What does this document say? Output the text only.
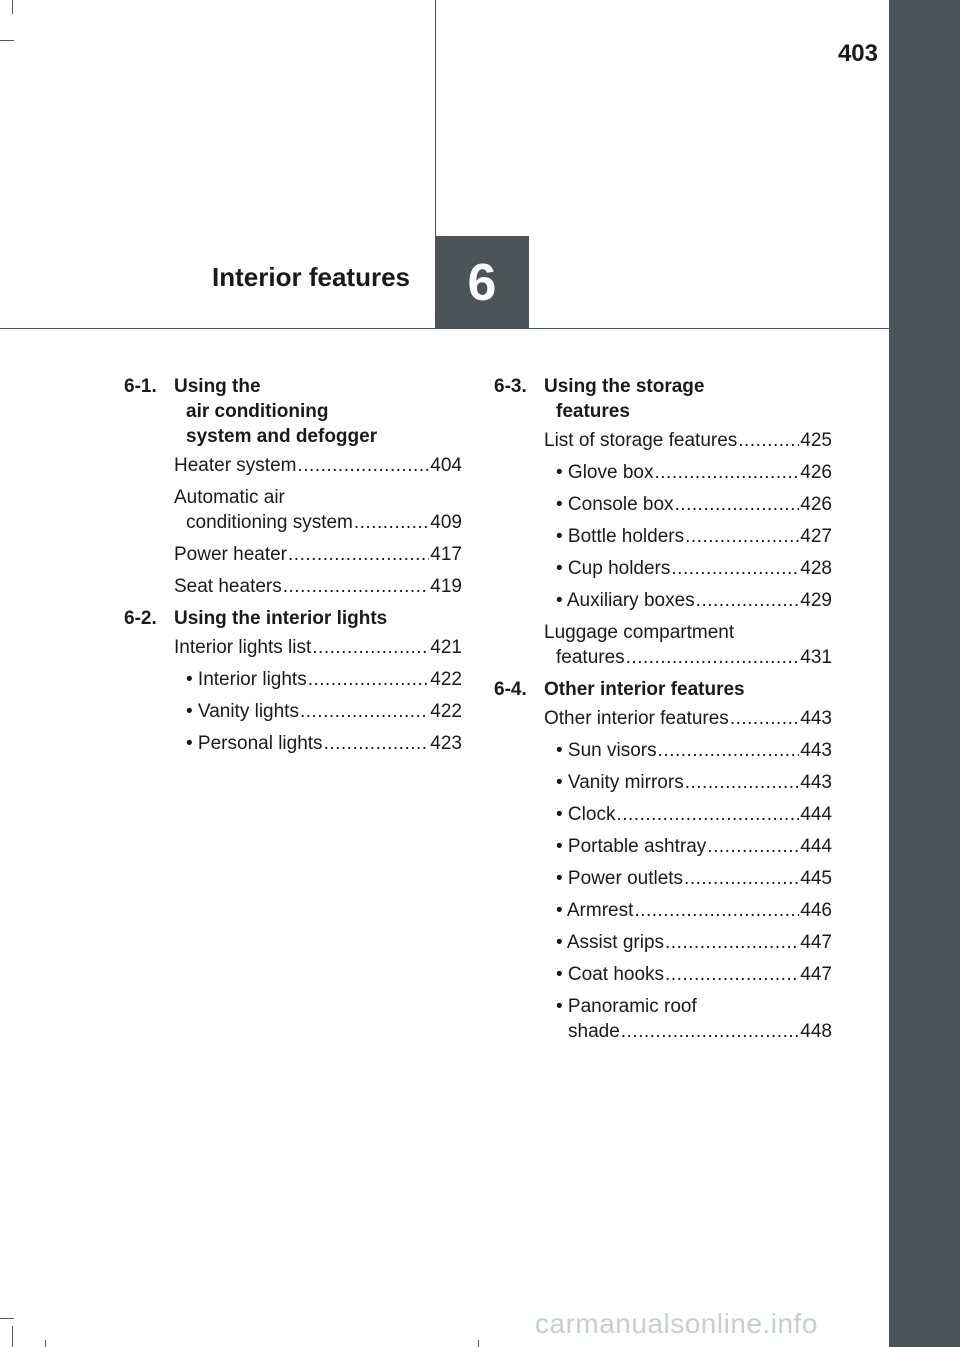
403
Interior features	6
6-1. Using the
air conditioning
system and defogger
Heater system .....	404
Automatic air
conditioning system .....	409
Power heater .....	417
Seat heaters .....	419
6-2. Using the interior lights
Interior lights list .....	421
• Interior lights .....	422
• Vanity lights .....	422
• Personal lights .....	423
6-3. Using the storage
features
List of storage features .....	425
• Glove box .....	426
• Console box .....	426
• Bottle holders .....	427
• Cup holders .....	428
• Auxiliary boxes .....	429
Luggage compartment
features .....	431
6-4. Other interior features
Other interior features .....	443
• Sun visors .....	443
• Vanity mirrors .....	443
• Clock .....	444
• Portable ashtray .....	444
• Power outlets .....	445
• Armrest .....	446
• Assist grips .....	447
• Coat hooks .....	447
• Panoramic roof
shade .....	448
carmanualsonline.info
